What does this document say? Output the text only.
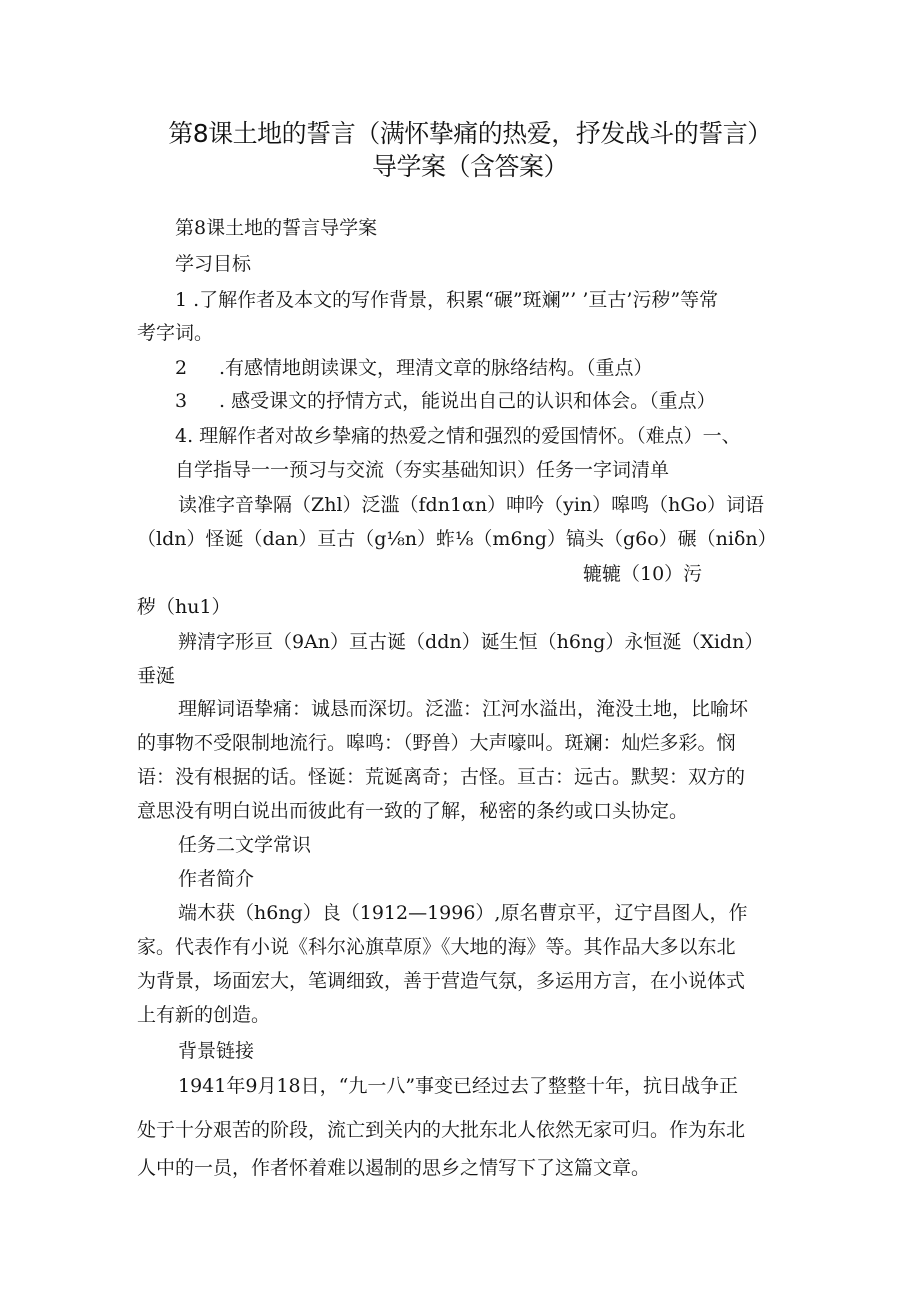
第8课土地的誓言（满怀挚痛的热爱，抒发战斗的誓言）
导学案（含答案）
第8课土地的誓言导学案
学习目标
1 .了解作者及本文的写作背景，积累“碾”斑斓”’ ’亘古’污秽”等常
考字词。
2 .有感情地朗读课文，理清文章的脉络结构。（重点）
3 . 感受课文的抒情方式，能说出自己的认识和体会。（重点）
4. 理解作者对故乡挚痛的热爱之情和强烈的爱国情怀。（难点）一、
自学指导一一预习与交流（夯实基础知识）任务一字词清单
读准字音挚隔（Zhl）泛滥（fdn1αn）呻吟（yin）嗥鸣（hGo）词语
（ldn）怪诞（dan）亘古（g⅛n）蚱⅛（m6ng）镐头（g6o）碾（niδn）
辘辘（10）污
秽（hu1）
辨清字形亘（9An）亘古诞（ddn）诞生恒（h6ng）永恒涎（Xidn）
垂涎
理解词语挚痛：诚恳而深切。泛滥：江河水溢出，淹没土地，比喻坏
的事物不受限制地流行。嗥鸣：（野兽）大声嚎叫。斑斓：灿烂多彩。悯
语：没有根据的话。怪诞：荒诞离奇；古怪。亘古：远古。默契：双方的
意思没有明白说出而彼此有一致的了解，秘密的条约或口头协定。
任务二文学常识
作者简介
端木获（h6ng）良（1912—1996）,原名曹京平，辽宁昌图人，作
家。代表作有小说《科尔沁旗草原》《大地的海》等。其作品大多以东北
为背景，场面宏大，笔调细致，善于营造气氛，多运用方言，在小说体式
上有新的创造。
背景链接
1941年9月18日，“九一八”事变已经过去了整整十年，抗日战争正
处于十分艰苦的阶段，流亡到关内的大批东北人依然无家可归。作为东北
人中的一员，作者怀着难以遏制的思乡之情写下了这篇文章。
